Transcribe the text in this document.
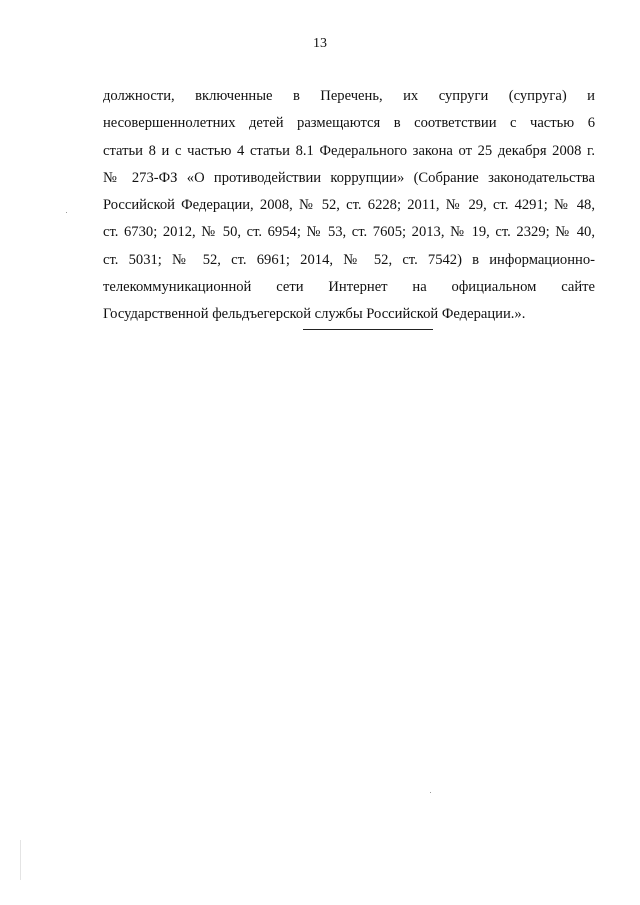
13
должности, включенные в Перечень, их супруги (супруга) и
несовершеннолетних детей размещаются в соответствии с частью 6
статьи 8 и с частью 4 статьи 8.1 Федерального закона от 25 декабря 2008 г.
№ 273-ФЗ «О противодействии коррупции» (Собрание законодательства
Российской Федерации, 2008, № 52, ст. 6228; 2011, № 29, ст. 4291; № 48,
ст. 6730; 2012, № 50, ст. 6954; № 53, ст. 7605; 2013, № 19, ст. 2329; № 40,
ст. 5031; № 52, ст. 6961; 2014, № 52, ст. 7542) в информационно-
телекоммуникационной сети Интернет на официальном сайте
Государственной фельдъегерской службы Российской Федерации.».
